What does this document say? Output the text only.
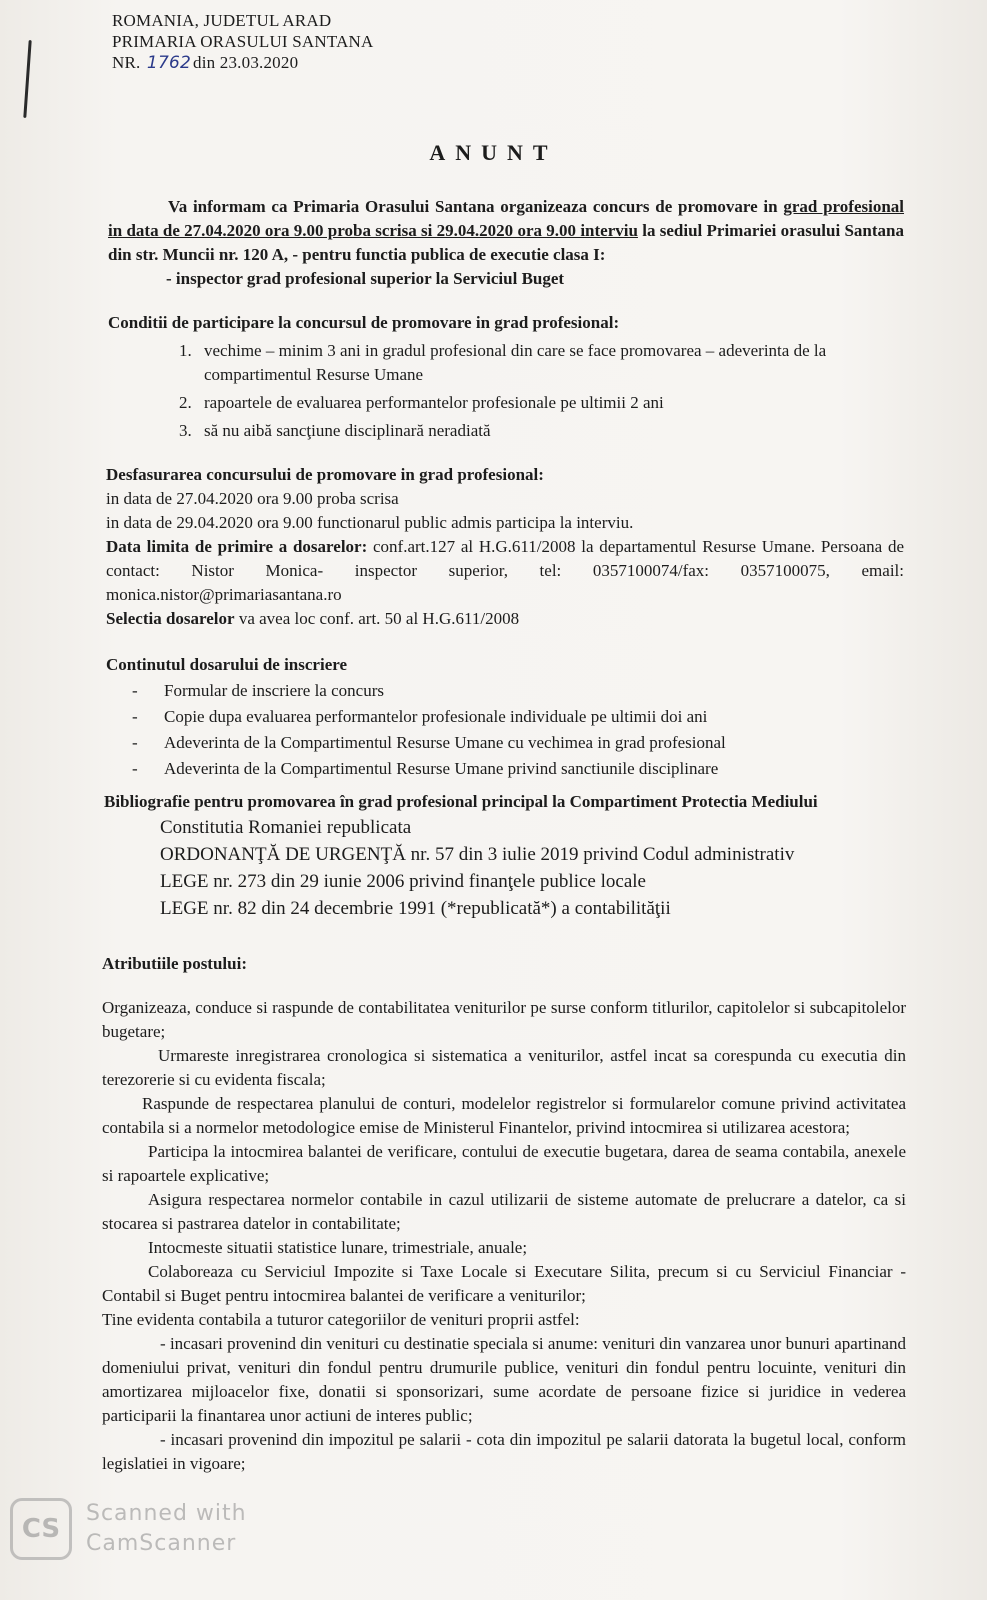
ROMANIA, JUDETUL ARAD
PRIMARIA ORASULUI SANTANA
NR. 1762 din 23.03.2020
ANUNT

Va informam ca Primaria Orasului Santana organizeaza concurs de promovare in grad profesional in data de 27.04.2020 ora 9.00 proba scrisa si 29.04.2020 ora 9.00 interviu la sediul Primariei orasului Santana din str. Muncii nr. 120 A, - pentru functia publica de executie clasa I:

- inspector grad profesional superior la Serviciul Buget

Conditii de participare la concursul de promovare in grad profesional:

1. vechime – minim 3 ani in gradul profesional din care se face promovarea – adeverinta de la compartimentul Resurse Umane
2. rapoartele de evaluarea performantelor profesionale pe ultimii 2 ani
3. să nu aibă sancţiune disciplinară neradiată

Desfasurarea concursului de promovare in grad profesional:

in data de 27.04.2020 ora 9.00 proba scrisa

in data de 29.04.2020 ora 9.00 functionarul public admis participa la interviu.

Data limita de primire a dosarelor: conf.art.127 al H.G.611/2008 la departamentul Resurse Umane. Persoana de contact: Nistor Monica- inspector superior, tel: 0357100074/fax: 0357100075, email: monica.nistor@primariasantana.ro

Selectia dosarelor va avea loc conf. art. 50 al H.G.611/2008

Continutul dosarului de inscriere

- Formular de inscriere la concurs
- Copie dupa evaluarea performantelor profesionale individuale pe ultimii doi ani
- Adeverinta de la Compartimentul Resurse Umane cu vechimea in grad profesional
- Adeverinta de la Compartimentul Resurse Umane privind sanctiunile disciplinare

Bibliografie pentru promovarea în grad profesional principal la Compartiment Protectia Mediului

Constitutia Romaniei republicata
ORDONANŢĂ DE URGENŢĂ nr. 57 din 3 iulie 2019 privind Codul administrativ
LEGE nr. 273 din 29 iunie 2006 privind finanţele publice locale
LEGE nr. 82 din 24 decembrie 1991 (*republicată*) a contabilităţii

Atributiile postului:

Organizeaza, conduce si raspunde de contabilitatea veniturilor pe surse conform titlurilor, capitolelor si subcapitolelor bugetare;

Urmareste inregistrarea cronologica si sistematica a veniturilor, astfel incat sa corespunda cu executia din terezorerie si cu evidenta fiscala;

Raspunde de respectarea planului de conturi, modelelor registrelor si formularelor comune privind activitatea contabila si a normelor metodologice emise de Ministerul Finantelor, privind intocmirea si utilizarea acestora;

Participa la intocmirea balantei de verificare, contului de executie bugetara, darea de seama contabila, anexele si rapoartele explicative;

Asigura respectarea normelor contabile in cazul utilizarii de sisteme automate de prelucrare a datelor, ca si stocarea si pastrarea datelor in contabilitate;

Intocmeste situatii statistice lunare, trimestriale, anuale;

Colaboreaza cu Serviciul Impozite si Taxe Locale si Executare Silita, precum si cu Serviciul Financiar - Contabil si Buget pentru intocmirea balantei de verificare a veniturilor;

Tine evidenta contabila a tuturor categoriilor de venituri proprii astfel:

- incasari provenind din venituri cu destinatie speciala si anume: venituri din vanzarea unor bunuri apartinand domeniului privat, venituri din fondul pentru drumurile publice, venituri din fondul pentru locuinte, venituri din amortizarea mijloacelor fixe, donatii si sponsorizari, sume acordate de persoane fizice si juridice in vederea participarii la finantarea unor actiuni de interes public;

- incasari provenind din impozitul pe salarii - cota din impozitul pe salarii datorata la bugetul local, conform legislatiei in vigoare;

CS
Scanned with
CamScanner
